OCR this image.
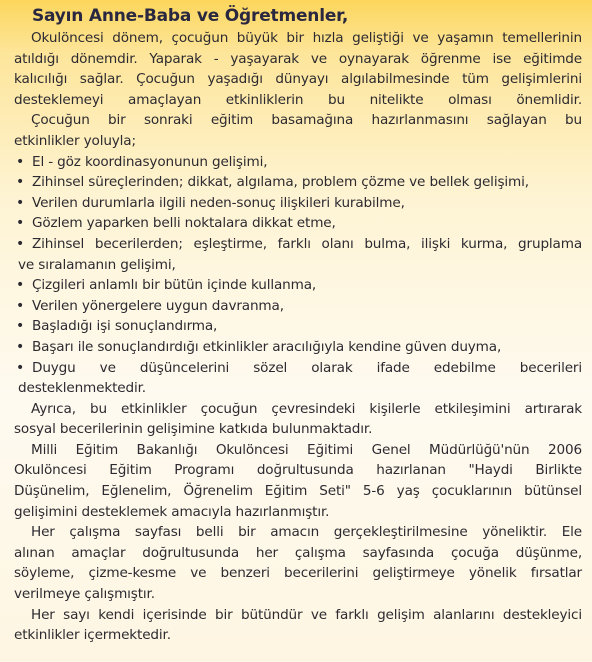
Sayın Anne-Baba ve Öğretmenler,
Okulöncesi dönem, çocuğun büyük bir hızla geliştiği ve yaşamın temellerinin
atıldığı dönemdir. Yaparak - yaşayarak ve oynayarak öğrenme ise eğitimde
kalıcılığı sağlar. Çocuğun yaşadığı dünyayı algılabilmesinde tüm gelişimlerini
desteklemeyi amaçlayan etkinliklerin bu nitelikte olması önemlidir.
Çocuğun bir sonraki eğitim basamağına hazırlanmasını sağlayan bu
etkinlikler yoluyla;
• El - göz koordinasyonunun gelişimi,
• Zihinsel süreçlerinden; dikkat, algılama, problem çözme ve bellek gelişimi,
• Verilen durumlarla ilgili neden-sonuç ilişkileri kurabilme,
• Gözlem yaparken belli noktalara dikkat etme,
• Zihinsel becerilerden; eşleştirme, farklı olanı bulma, ilişki kurma, gruplama
ve sıralamanın gelişimi,
• Çizgileri anlamlı bir bütün içinde kullanma,
• Verilen yönergelere uygun davranma,
• Başladığı işi sonuçlandırma,
• Başarı ile sonuçlandırdığı etkinlikler aracılığıyla kendine güven duyma,
• Duygu ve düşüncelerini sözel olarak ifade edebilme becerileri
desteklenmektedir.
Ayrıca, bu etkinlikler çocuğun çevresindeki kişilerle etkileşimini artırarak
sosyal becerilerinin gelişimine katkıda bulunmaktadır.
Milli Eğitim Bakanlığı Okulöncesi Eğitimi Genel Müdürlüğü'nün 2006
Okulöncesi Eğitim Programı doğrultusunda hazırlanan "Haydi Birlikte
Düşünelim, Eğlenelim, Öğrenelim Eğitim Seti" 5-6 yaş çocuklarının bütünsel
gelişimini desteklemek amacıyla hazırlanmıştır.
Her çalışma sayfası belli bir amacın gerçekleştirilmesine yöneliktir. Ele
alınan amaçlar doğrultusunda her çalışma sayfasında çocuğa düşünme,
söyleme, çizme-kesme ve benzeri becerilerini geliştirmeye yönelik fırsatlar
verilmeye çalışmıştır.
Her sayı kendi içerisinde bir bütündür ve farklı gelişim alanlarını destekleyici
etkinlikler içermektedir.
